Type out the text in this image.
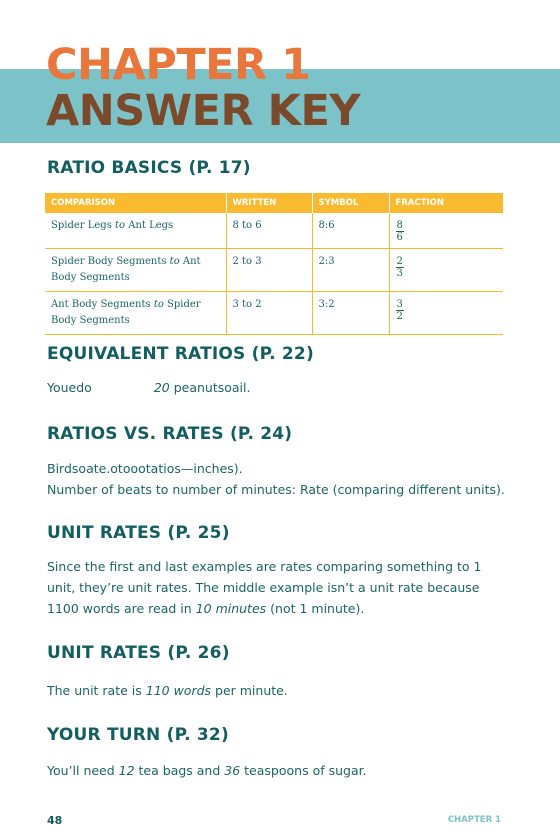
CHAPTER 1
ANSWER KEY
RATIO BASICS (P. 17)
COMPARISON	WRITTEN	SYMBOL	FRACTION
Spider Legs to Ant Legs	8 to 6	8:6	$\frac{8}{6}$

Spider Body Segments to Ant Body Segments	2 to 3	2:3	$\frac{2}{3}$

Ant Body Segments to Spider Body Segments	3 to 2	3:2	$\frac{3}{2}$
EQUIVALENT RATIOS (P. 22)

Youedo	20 peanutsoail.

RATIOS VS. RATES (P. 24)

Birdsoate.otoootatios—inches).
Number of beats to number of minutes: Rate (comparing different units).

UNIT RATES (P. 25)

Since the first and last examples are rates comparing something to 1 unit, they’re unit rates. The middle example isn’t a unit rate because 1100 words are read in 10 minutes (not 1 minute).

UNIT RATES (P. 26)

The unit rate is 110 words per minute.

YOUR TURN (P. 32)

You’ll need 12 tea bags and 36 teaspoons of sugar.

48	CHAPTER 1
